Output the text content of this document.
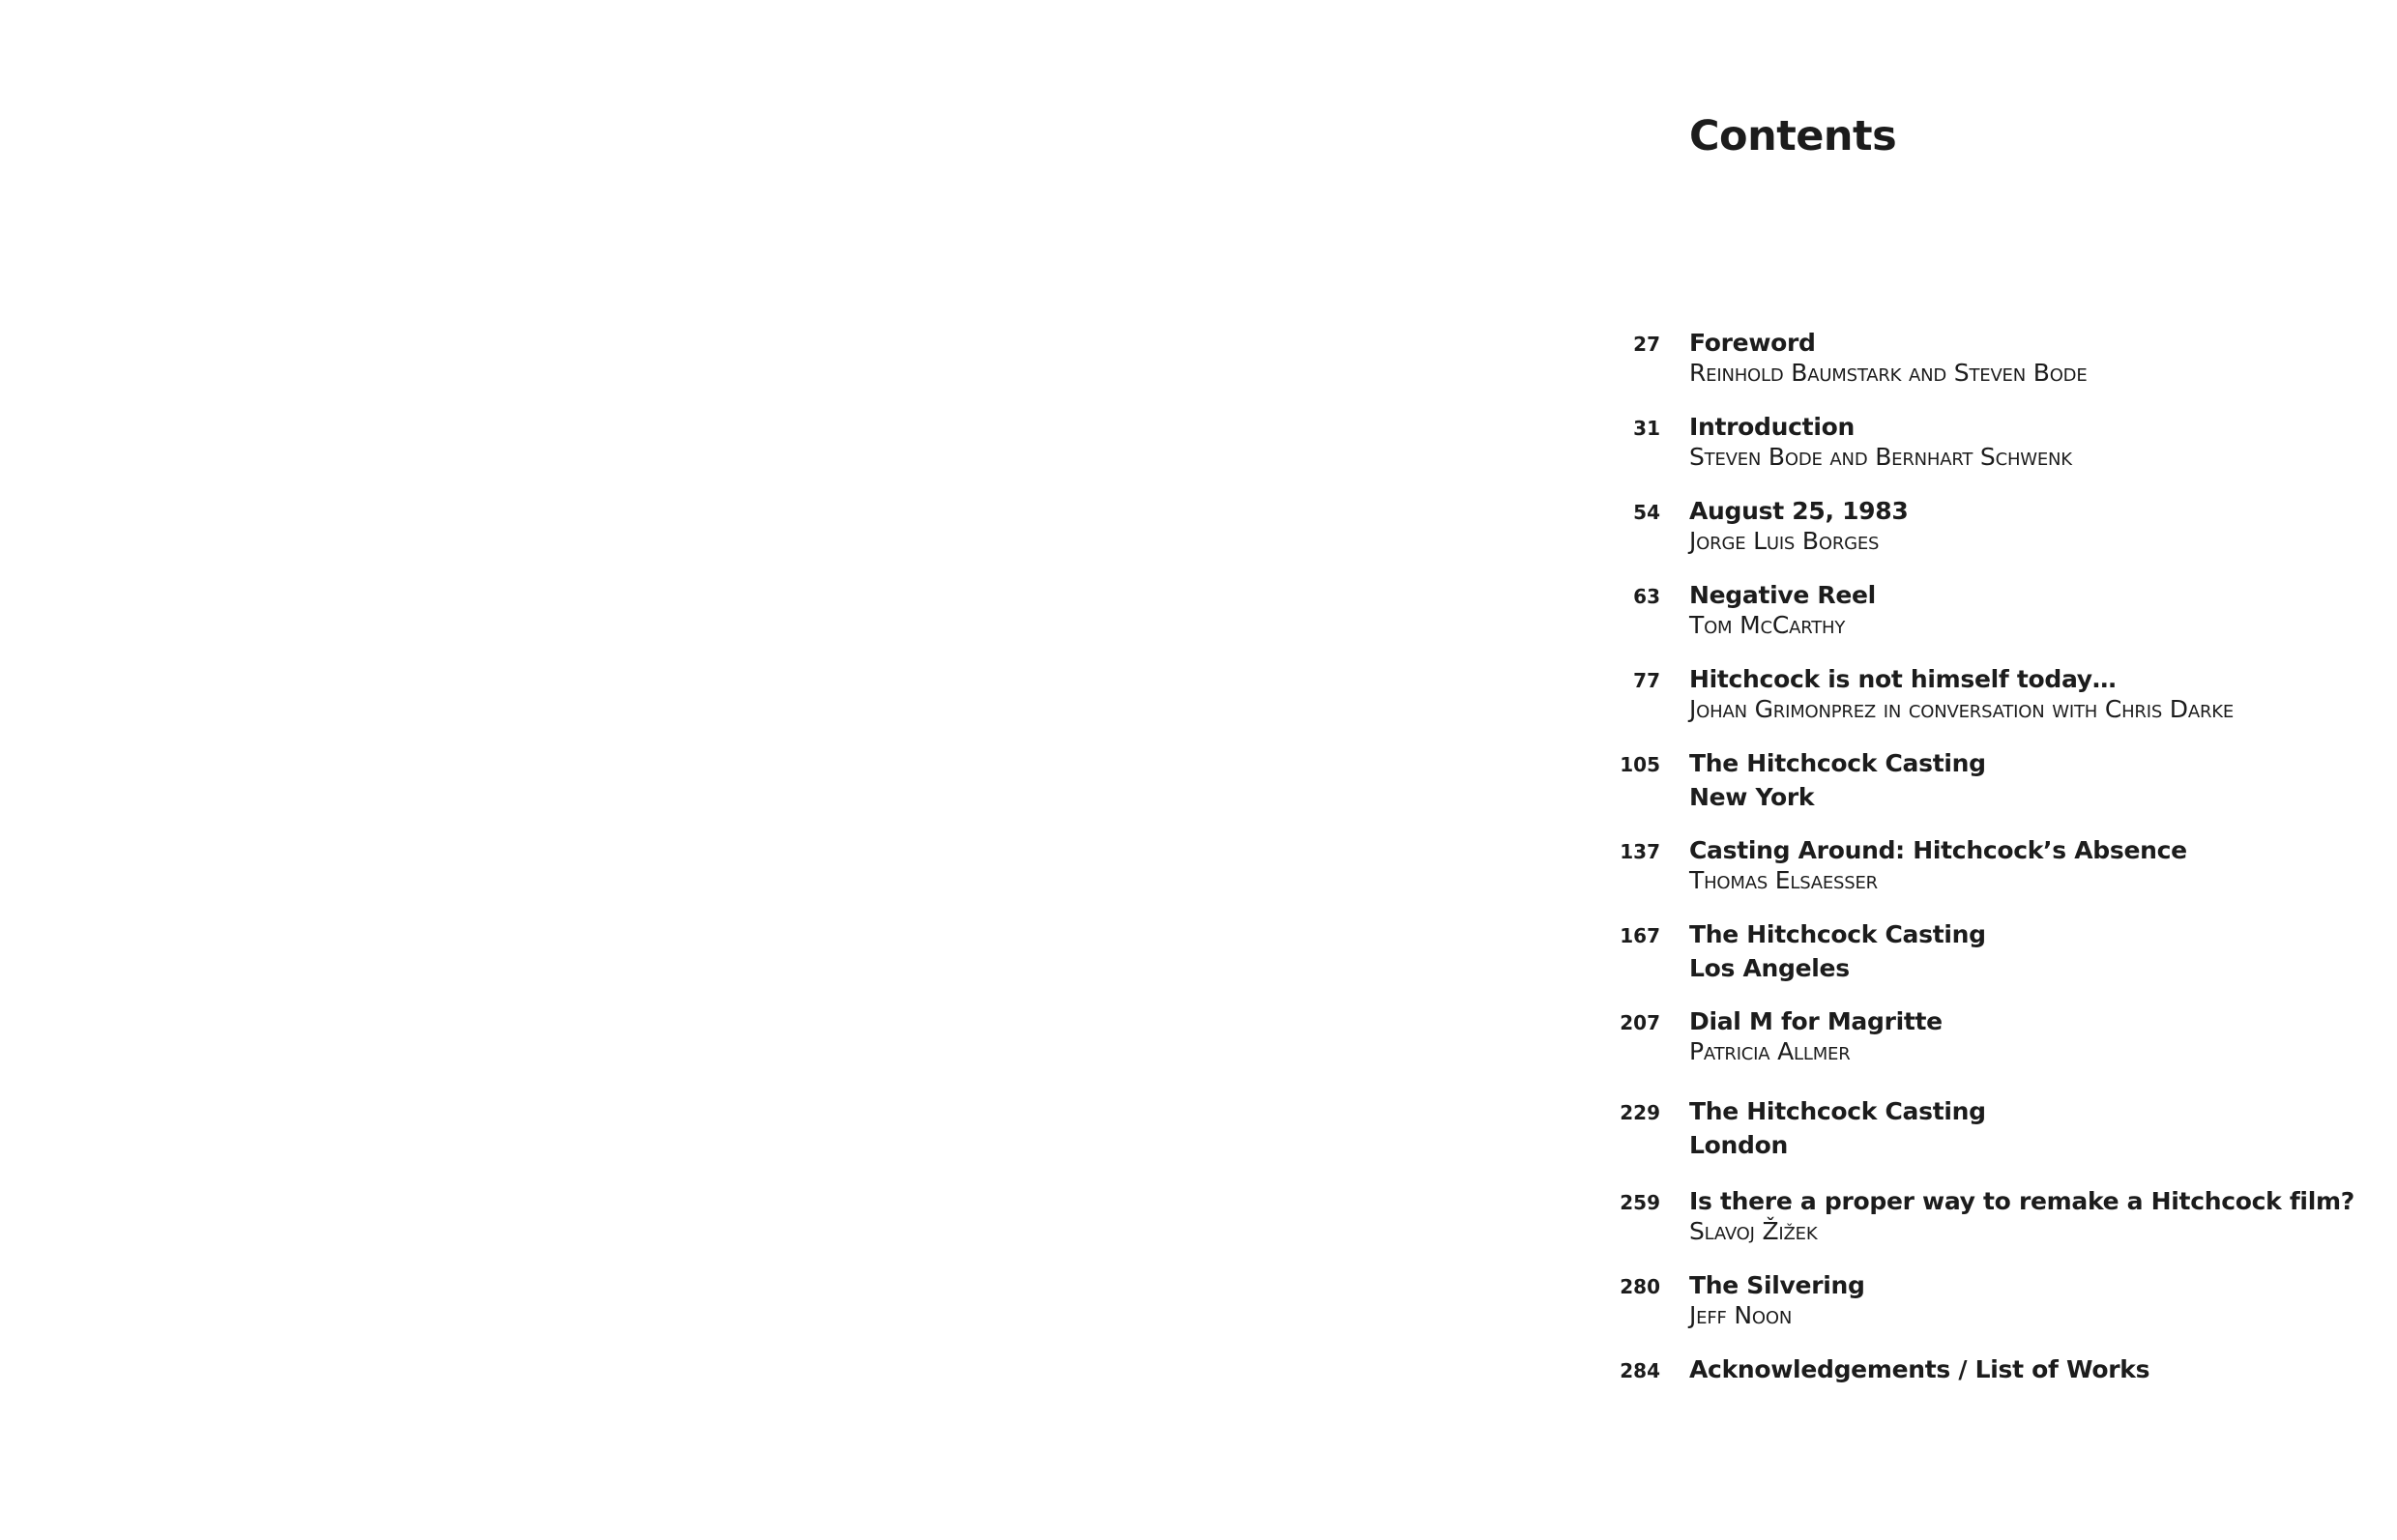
Contents
27 Foreword
Reinhold Baumstark and Steven Bode
31 Introduction
Steven Bode and Bernhart Schwenk
54 August 25, 1983
Jorge Luis Borges
63 Negative Reel
Tom McCarthy
77 Hitchcock is not himself today…
Johan Grimonprez in conversation with Chris Darke
105 The Hitchcock Casting
New York
137 Casting Around: Hitchcock’s Absence
Thomas Elsaesser
167 The Hitchcock Casting
Los Angeles
207 Dial M for Magritte
Patricia Allmer
229 The Hitchcock Casting
London
259 Is there a proper way to remake a Hitchcock film?
Slavoj Žižek
280 The Silvering
Jeff Noon
284 Acknowledgements / List of Works
